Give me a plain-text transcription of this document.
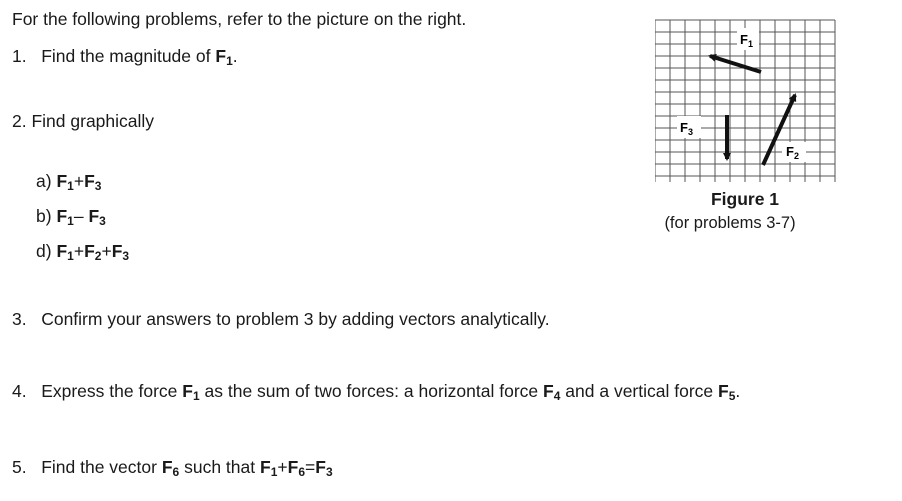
For the following problems, refer to the picture on the right.
1. Find the magnitude of $F_1$.
2. Find graphically
a) $F_1+F_3$
b) $F_1-$ $F_3$
d) $F_1+F_2+F_3$
3. Confirm your answers to problem 3 by adding vectors analytically.
4. Express the force $F_1$ as the sum of two forces: a horizontal force $F_4$ and a vertical force $F_5$.
5. Find the vector $F_6$ such that $F_1+F_6=F_3$
$F_1$
$F_3$
$F_2$
Figure 1
(for problems 3-7)
